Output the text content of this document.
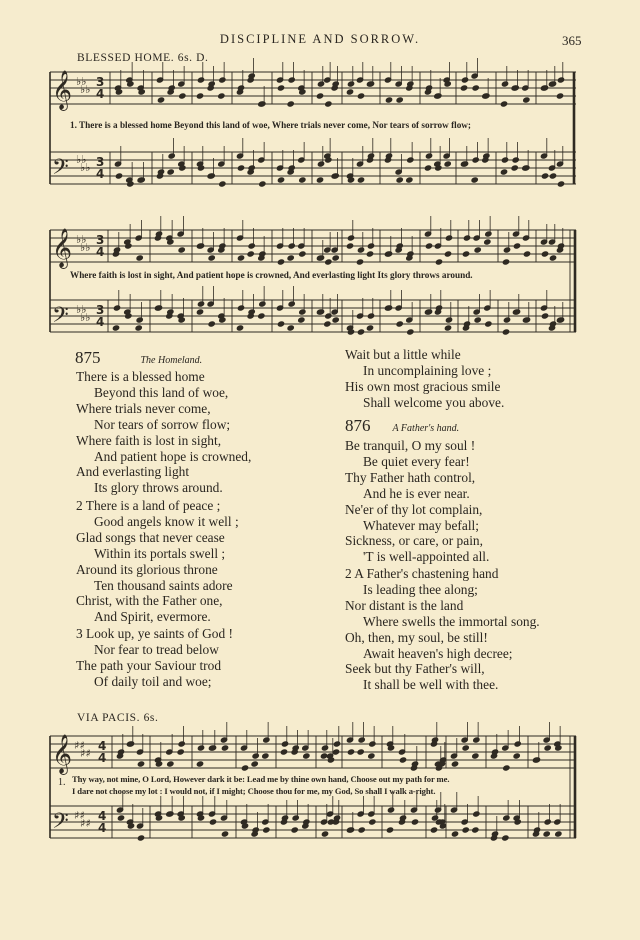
DISCIPLINE AND SORROW.	365
BLESSED HOME. 6s. D.
𝄞
𝄢
𝄞
𝄢
𝄞
𝄢
♭♭
♭♭
♭♭
♭♭
♭♭
♭♭
♭♭
♭♭
♯♯
♯♯
♯♯
♯♯
3
4
3
4
3
4
3
4
4
4
4
4
1. There is a blessed home Beyond this land of woe, Where trials never come, Nor tears of sorrow flow;
Where faith is lost in sight, And patient hope is crowned, And everlasting light Its glory throws around.
875	The Homeland.
There is a blessed home
Beyond this land of woe,
Where trials never come,
Nor tears of sorrow flow;
Where faith is lost in sight,
And patient hope is crowned,
And everlasting light
Its glory throws around.
2 There is a land of peace ;
Good angels know it well ;
Glad songs that never cease
Within its portals swell ;
Around its glorious throne
Ten thousand saints adore
Christ, with the Father one,
And Spirit, evermore.
3 Look up, ye saints of God !
Nor fear to tread below
The path your Saviour trod
Of daily toil and woe;
Wait but a little while
In uncomplaining love ;
His own most gracious smile
Shall welcome you above.
876 A Father's hand.
Be tranquil, O my soul !
Be quiet every fear!
Thy Father hath control,
And he is ever near.
Ne'er of thy lot complain,
Whatever may befall;
Sickness, or care, or pain,
'T is well-appointed all.
2 A Father's chastening hand
Is leading thee along;
Nor distant is the land
Where swells the immortal song.
Oh, then, my soul, be still!
Await heaven's high decree;
Seek but thy Father's will,
It shall be well with thee.
VIA PACIS. 6s.
1. Thy way, not mine, O Lord, However dark it be: Lead me by thine own hand, Choose out my path for me.
I dare not choose my lot : I would not, if I might; Choose thou for me, my God, So shall I walk a-right.
